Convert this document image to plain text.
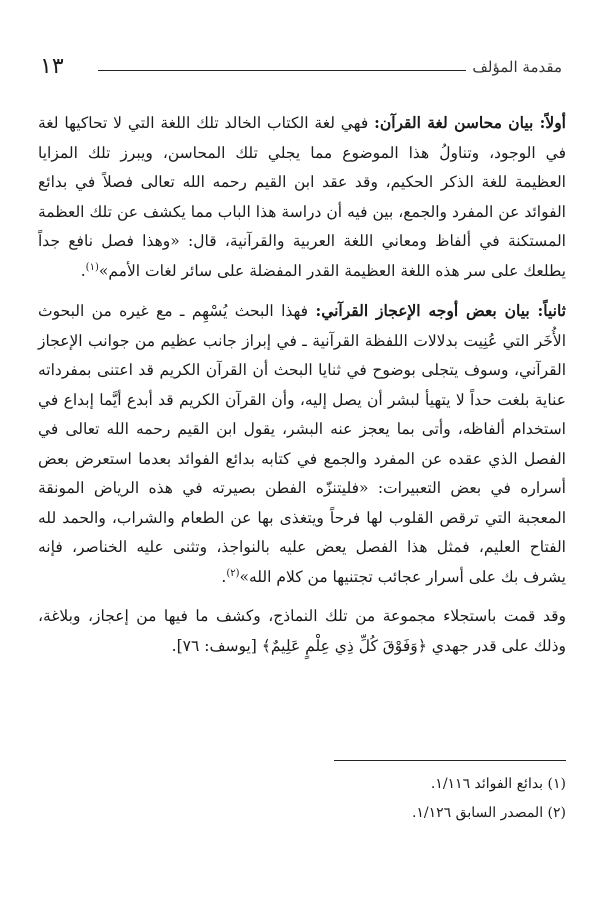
مقدمة المؤلف
١٣

أولاً: بيان محاسن لغة القرآن: فهي لغة الكتاب الخالد تلك اللغة التي لا تحاكيها لغة في الوجود، وتناولُ هذا الموضوع مما يجلي تلك المحاسن، ويبرز تلك المزايا العظيمة للغة الذكر الحكيم، وقد عقد ابن القيم رحمه الله تعالى فصلاً في بدائع الفوائد عن المفرد والجمع، بين فيه أن دراسة هذا الباب مما يكشف عن تلك العظمة المستكنة في ألفاظ ومعاني اللغة العربية والقرآنية، قال: «وهذا فصل نافع جداً يطلعك على سر هذه اللغة العظيمة القدر المفضلة على سائر لغات الأمم»$^{(١)}$.

ثانياً: بيان بعض أوجه الإعجاز القرآني: فهذا البحث يُسْهِم ـ مع غيره من البحوث الأُخَر التي عُنِيت بدلالات اللفظة القرآنية ـ في إبراز جانب عظيم من جوانب الإعجاز القرآني، وسوف يتجلى بوضوح في ثنايا البحث أن القرآن الكريم قد اعتنى بمفرداته عناية بلغت حداً لا يتهيأ لبشر أن يصل إليه، وأن القرآن الكريم قد أبدع أيَّما إبداع في استخدام ألفاظه، وأتى بما يعجز عنه البشر، يقول ابن القيم رحمه الله تعالى في الفصل الذي عقده عن المفرد والجمع في كتابه بدائع الفوائد بعدما استعرض بعض أسراره في بعض التعبيرات: «فليتنزّه الفطن بصيرته في هذه الرياض المونقة المعجبة التي ترقص القلوب لها فرحاً ويتغذى بها عن الطعام والشراب، والحمد لله الفتاح العليم، فمثل هذا الفصل يعض عليه بالنواجذ، وتثنى عليه الخناصر، فإنه يشرف بك على أسرار عجائب تجتنيها من كلام الله»$^{(٢)}$.

وقد قمت باستجلاء مجموعة من تلك النماذج، وكشف ما فيها من إعجاز، وبلاغة، وذلك على قدر جهدي ﴿وَفَوْقَ كُلِّ ذِي عِلْمٍ عَلِيمٌ﴾ [يوسف: ٧٦].

(١) بدائع الفوائد ١/١١٦.

(٢) المصدر السابق ١/١٢٦.
